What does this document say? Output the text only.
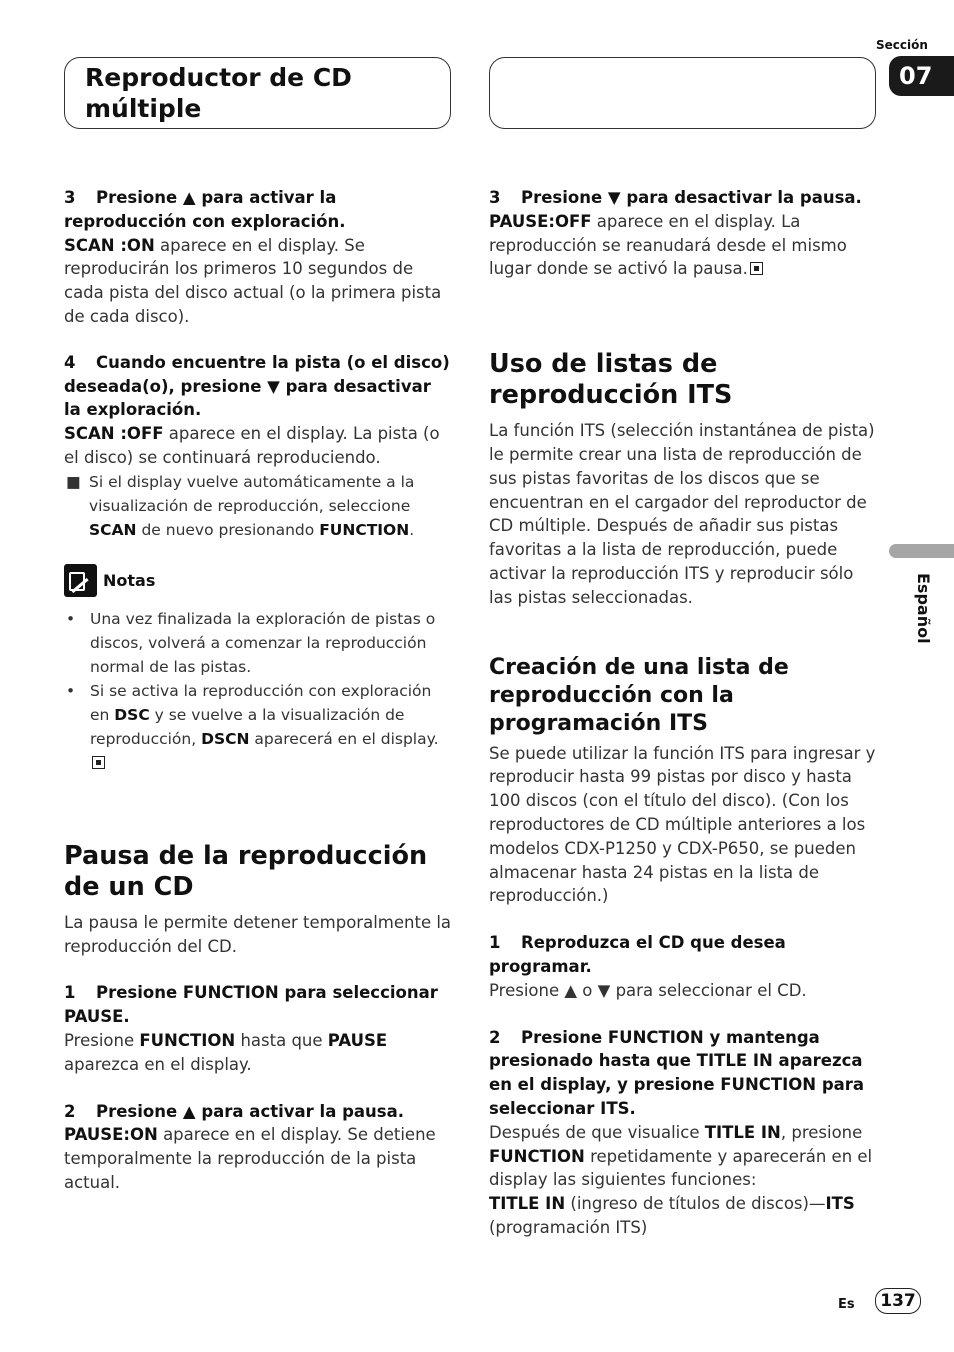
Reproductor de CD múltiple
Sección
07
Español

3 Presione ▲ para activar la reproducción con exploración.

SCAN :ON aparece en el display. Se reproducirán los primeros 10 segundos de cada pista del disco actual (o la primera pista de cada disco).

4 Cuando encuentre la pista (o el disco) deseada(o), presione ▼ para desactivar la exploración.

SCAN :OFF aparece en el display. La pista (o el disco) se continuará reproduciendo.

■ Si el display vuelve automáticamente a la visualización de reproducción, seleccione SCAN de nuevo presionando FUNCTION.

Notas
• Una vez finalizada la exploración de pistas o discos, volverá a comenzar la reproducción normal de las pistas.
• Si se activa la reproducción con exploración en DSC y se vuelve a la visualización de reproducción, DSCN aparecerá en el display.
Pausa de la reproducción de un CD

La pausa le permite detener temporalmente la reproducción del CD.

1 Presione FUNCTION para seleccionar PAUSE.

Presione FUNCTION hasta que PAUSE aparezca en el display.

2 Presione ▲ para activar la pausa.

PAUSE:ON aparece en el display. Se detiene temporalmente la reproducción de la pista actual.

3 Presione ▼ para desactivar la pausa.

PAUSE:OFF aparece en el display. La reproducción se reanudará desde el mismo lugar donde se activó la pausa.

Uso de listas de reproducción ITS

La función ITS (selección instantánea de pista) le permite crear una lista de reproducción de sus pistas favoritas de los discos que se encuentran en el cargador del reproductor de CD múltiple. Después de añadir sus pistas favoritas a la lista de reproducción, puede activar la reproducción ITS y reproducir sólo las pistas seleccionadas.

Creación de una lista de reproducción con la programación ITS

Se puede utilizar la función ITS para ingresar y reproducir hasta 99 pistas por disco y hasta 100 discos (con el título del disco). (Con los reproductores de CD múltiple anteriores a los modelos CDX-P1250 y CDX-P650, se pueden almacenar hasta 24 pistas en la lista de reproducción.)

1 Reproduzca el CD que desea programar.

Presione ▲ o ▼ para seleccionar el CD.

2 Presione FUNCTION y mantenga presionado hasta que TITLE IN aparezca en el display, y presione FUNCTION para seleccionar ITS.

Después de que visualice TITLE IN, presione FUNCTION repetidamente y aparecerán en el display las siguientes funciones:

TITLE IN (ingreso de títulos de discos)—ITS (programación ITS)

Es	137
